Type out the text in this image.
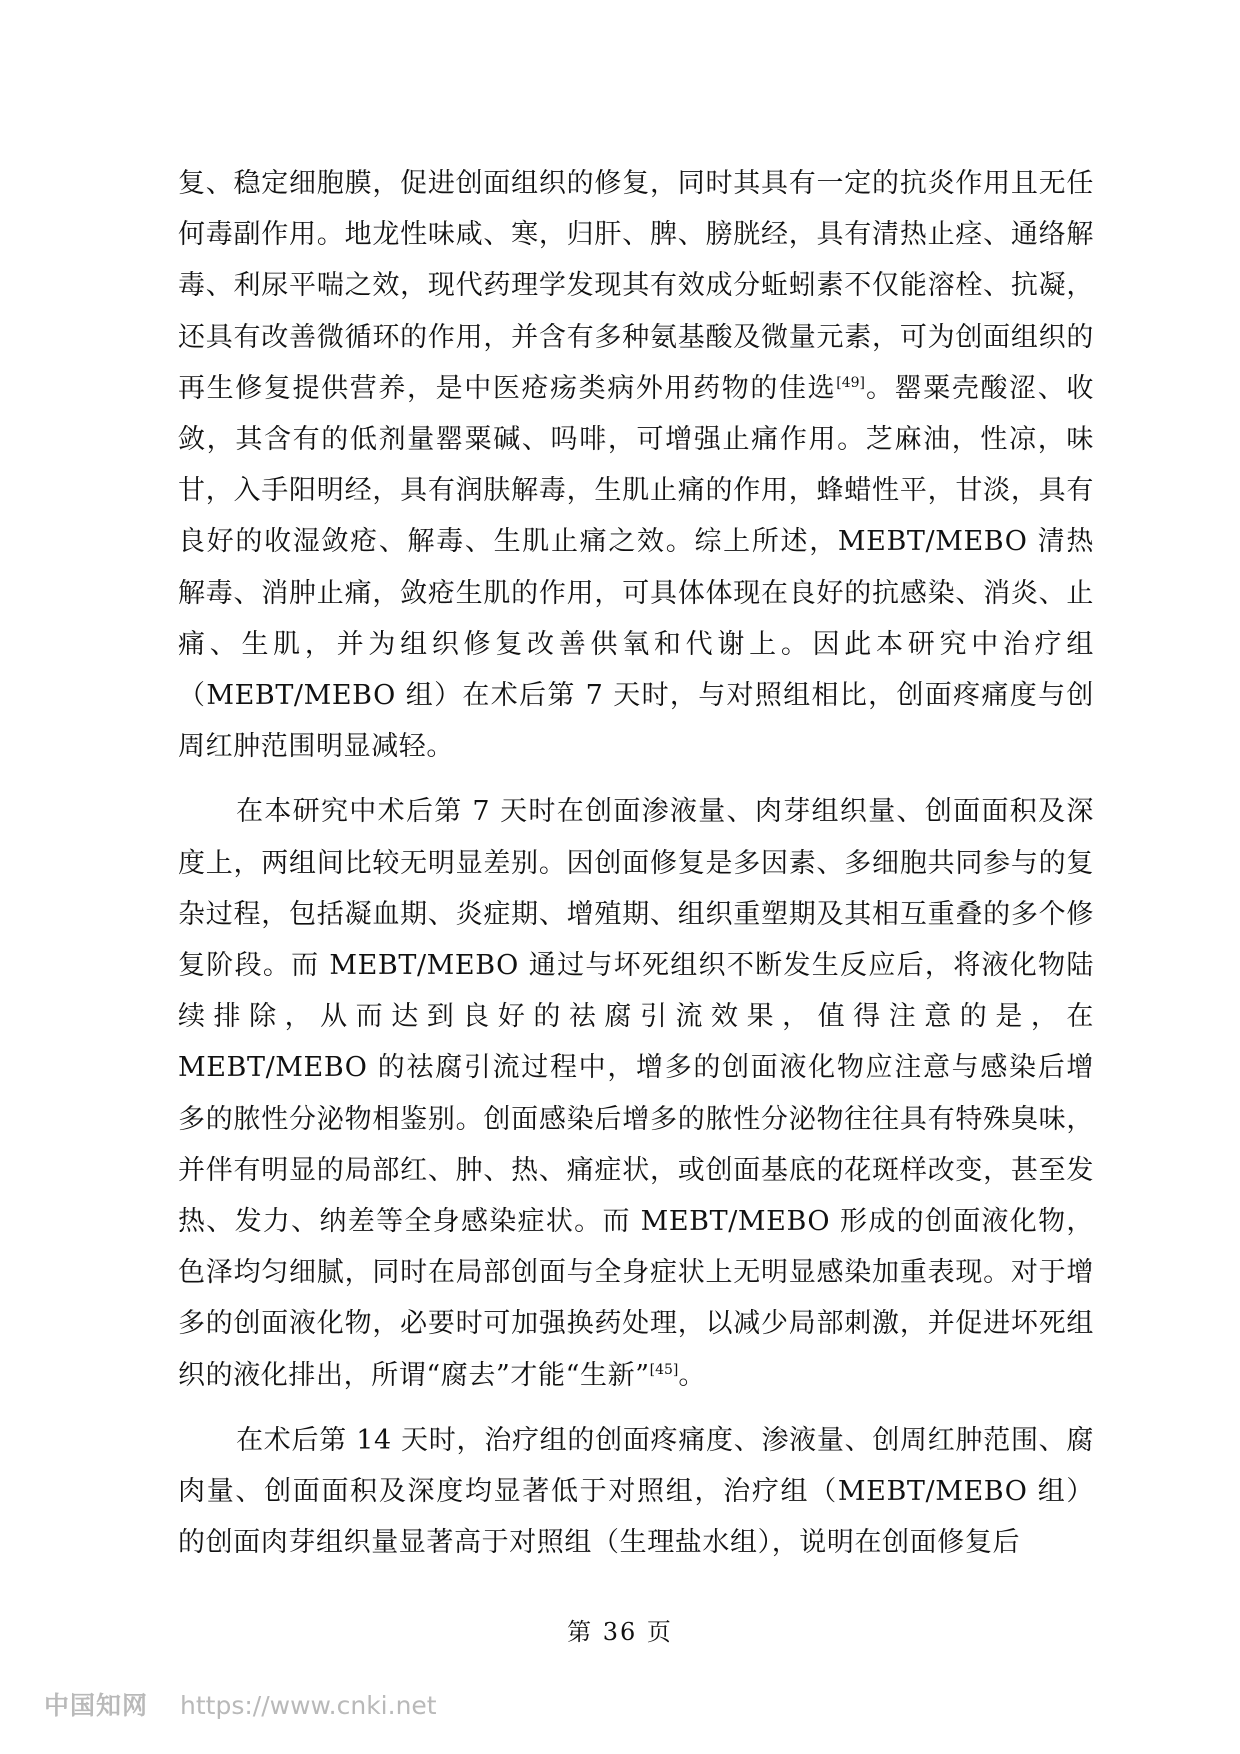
复、稳定细胞膜，促进创面组织的修复，同时其具有一定的抗炎作用且无任何毒副作用。地龙性味咸、寒，归肝、脾、膀胱经，具有清热止痉、通络解毒、利尿平喘之效，现代药理学发现其有效成分蚯蚓素不仅能溶栓、抗凝，还具有改善微循环的作用，并含有多种氨基酸及微量元素，可为创面组织的再生修复提供营养，是中医疮疡类病外用药物的佳选[49]。罂粟壳酸涩、收敛，其含有的低剂量罂粟碱、吗啡，可增强止痛作用。芝麻油，性凉，味甘，入手阳明经，具有润肤解毒，生肌止痛的作用，蜂蜡性平，甘淡，具有良好的收湿敛疮、解毒、生肌止痛之效。综上所述，MEBT/MEBO 清热解毒、消肿止痛，敛疮生肌的作用，可具体体现在良好的抗感染、消炎、止痛、生肌，并为组织修复改善供氧和代谢上。因此本研究中治疗组（MEBT/MEBO 组）在术后第 7 天时，与对照组相比，创面疼痛度与创周红肿范围明显减轻。

在本研究中术后第 7 天时在创面渗液量、肉芽组织量、创面面积及深度上，两组间比较无明显差别。因创面修复是多因素、多细胞共同参与的复杂过程，包括凝血期、炎症期、增殖期、组织重塑期及其相互重叠的多个修复阶段。而 MEBT/MEBO 通过与坏死组织不断发生反应后，将液化物陆续排除，从而达到良好的祛腐引流效果，值得注意的是，在 MEBT/MEBO 的祛腐引流过程中，增多的创面液化物应注意与感染后增多的脓性分泌物相鉴别。创面感染后增多的脓性分泌物往往具有特殊臭味，并伴有明显的局部红、肿、热、痛症状，或创面基底的花斑样改变，甚至发热、发力、纳差等全身感染症状。而 MEBT/MEBO 形成的创面液化物，色泽均匀细腻，同时在局部创面与全身症状上无明显感染加重表现。对于增多的创面液化物，必要时可加强换药处理，以减少局部刺激，并促进坏死组织的液化排出，所谓“腐去”才能“生新”[45]。

在术后第 14 天时，治疗组的创面疼痛度、渗液量、创周红肿范围、腐肉量、创面面积及深度均显著低于对照组，治疗组（MEBT/MEBO 组）的创面肉芽组织量显著高于对照组（生理盐水组），说明在创面修复后

第 36 页
中国知网 https://www.cnki.net
